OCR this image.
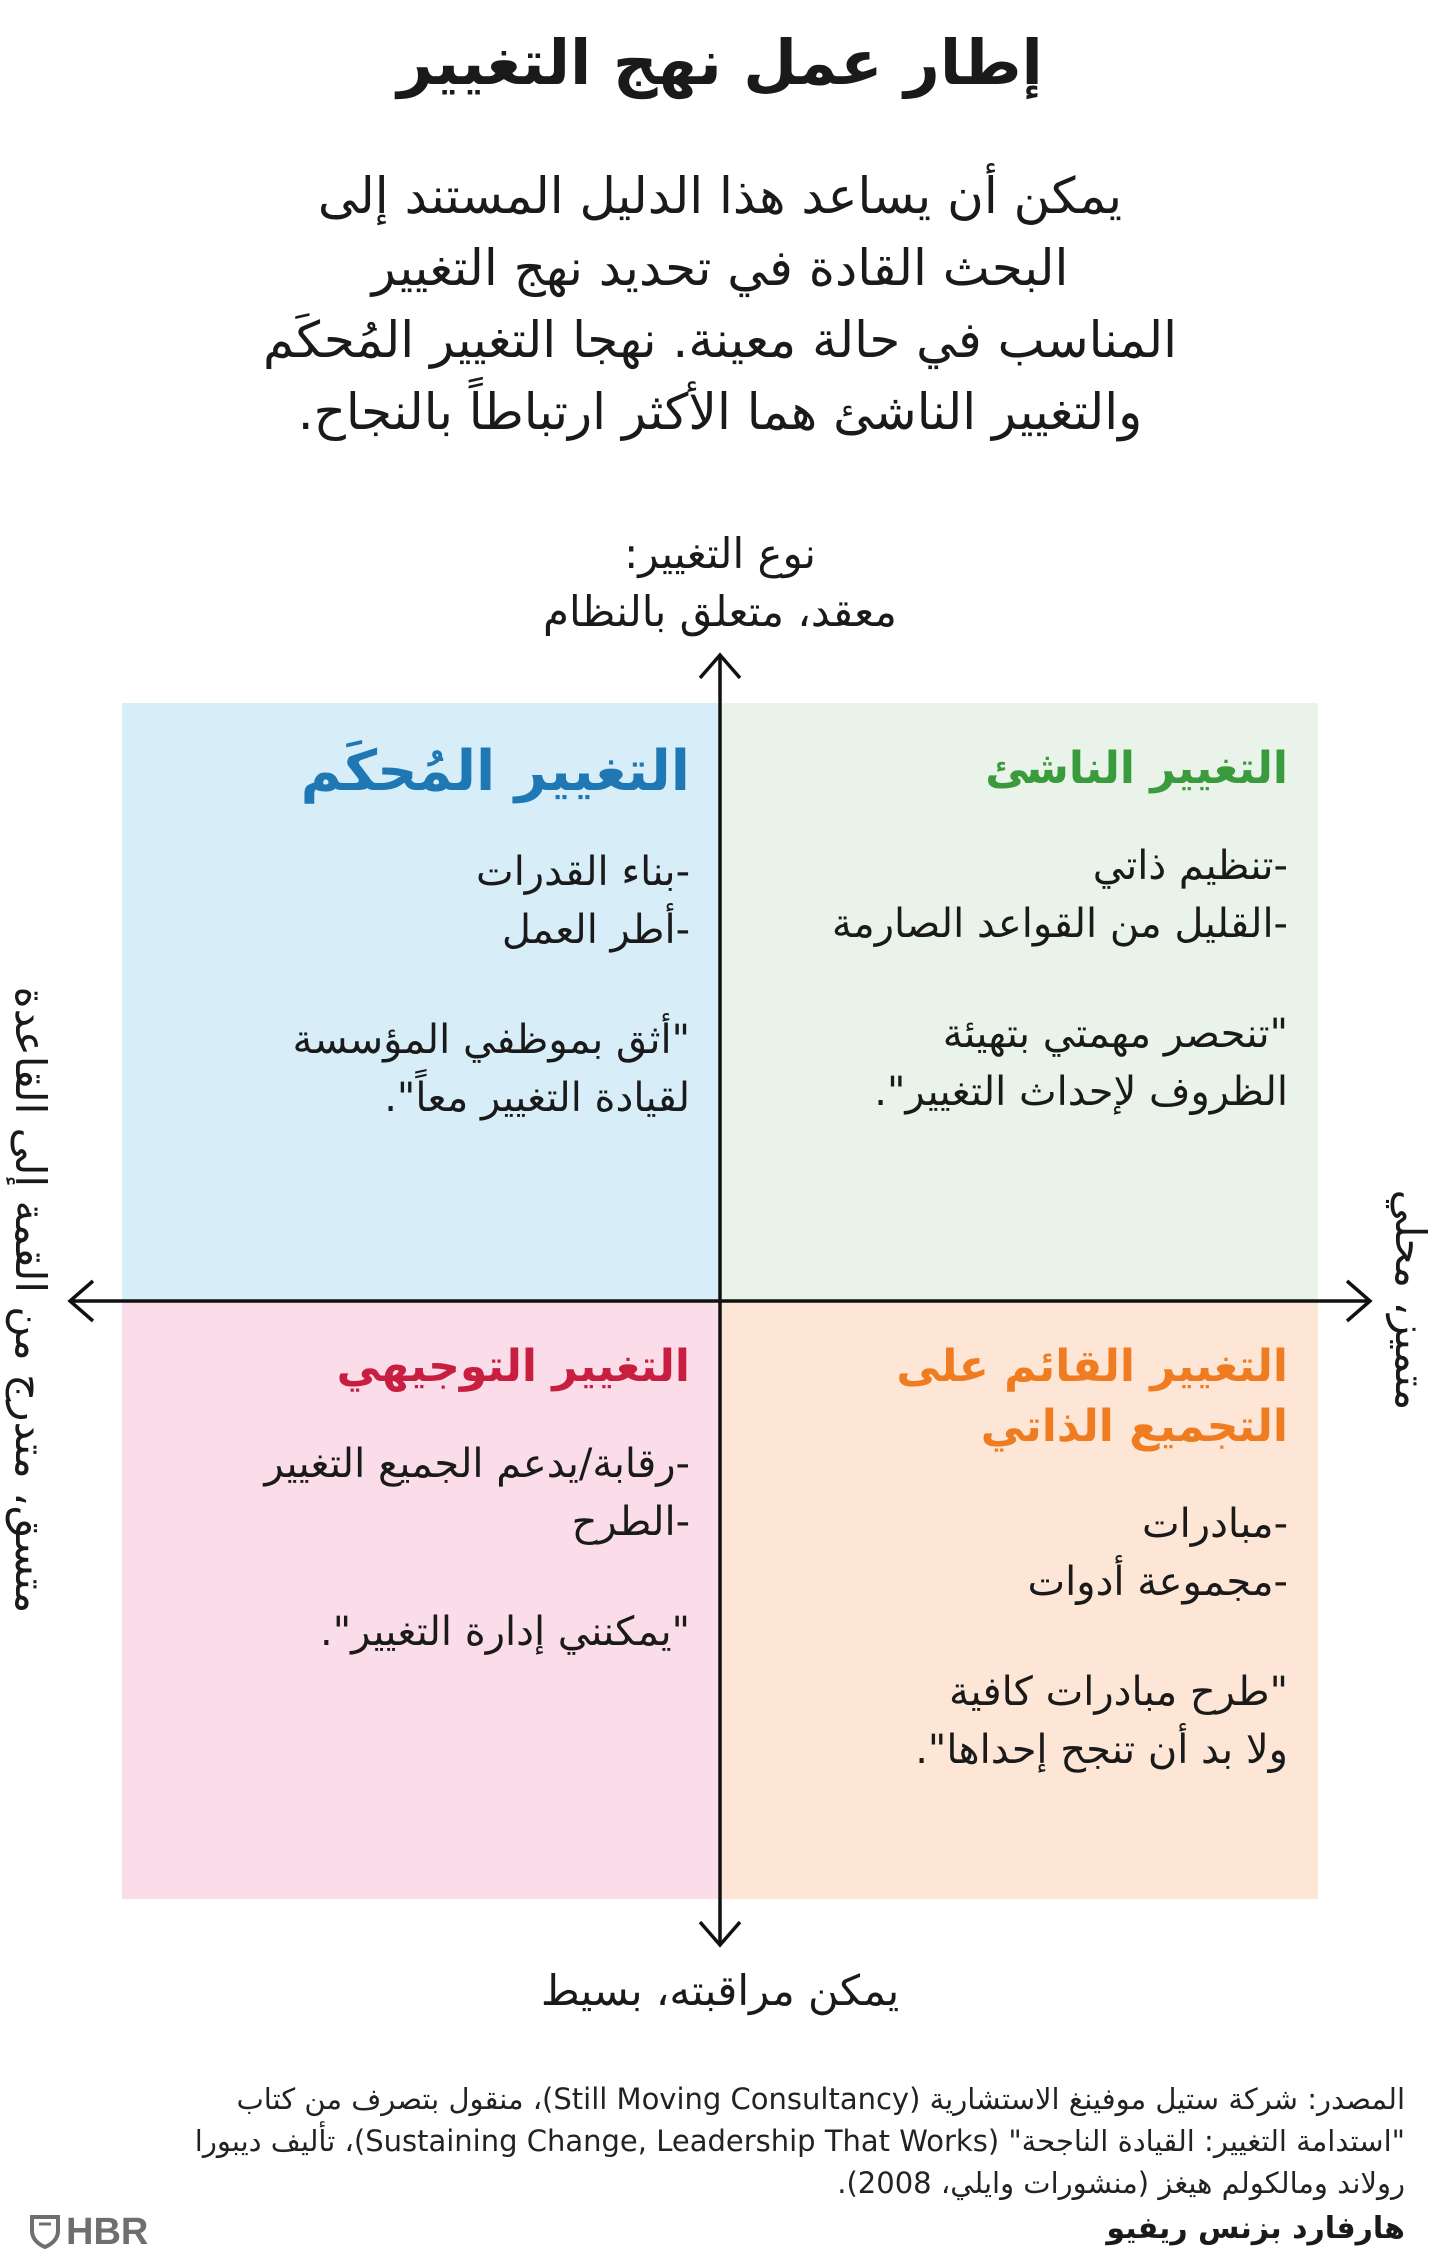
إطار عمل نهج التغيير
يمكن أن يساعد هذا الدليل المستند إلى
البحث القادة في تحديد نهج التغيير
المناسب في حالة معينة. نهجا التغيير المُحكَم
والتغيير الناشئ هما الأكثر ارتباطاً بالنجاح.
نوع التغيير:
معقد، متعلق بالنظام
التغيير المُحكَم
-بناء القدرات
-أطر العمل
"أثق بموظفي المؤسسة
لقيادة التغيير معاً".
التغيير الناشئ
-تنظيم ذاتي
-القليل من القواعد الصارمة
"تنحصر مهمتي بتهيئة
الظروف لإحداث التغيير".
التغيير التوجيهي
-رقابة/يدعم الجميع التغيير
-الطرح
"يمكنني إدارة التغيير".
التغيير القائم على التجميع الذاتي
-مبادرات
-مجموعة أدوات
"طرح مبادرات كافية
ولا بد أن تنجح إحداها".
متسق، متدرج من القمة إلى القاعدة	متميز، محلي
يمكن مراقبته، بسيط
المصدر: شركة ستيل موفينغ الاستشارية (Still Moving Consultancy)، منقول بتصرف من كتاب
"استدامة التغيير: القيادة الناجحة" (Sustaining Change, Leadership That Works)، تأليف ديبورا
رولاند ومالكولم هيغز (منشورات وايلي، 2008).
هارفارد بزنس ريفيو
HBR
